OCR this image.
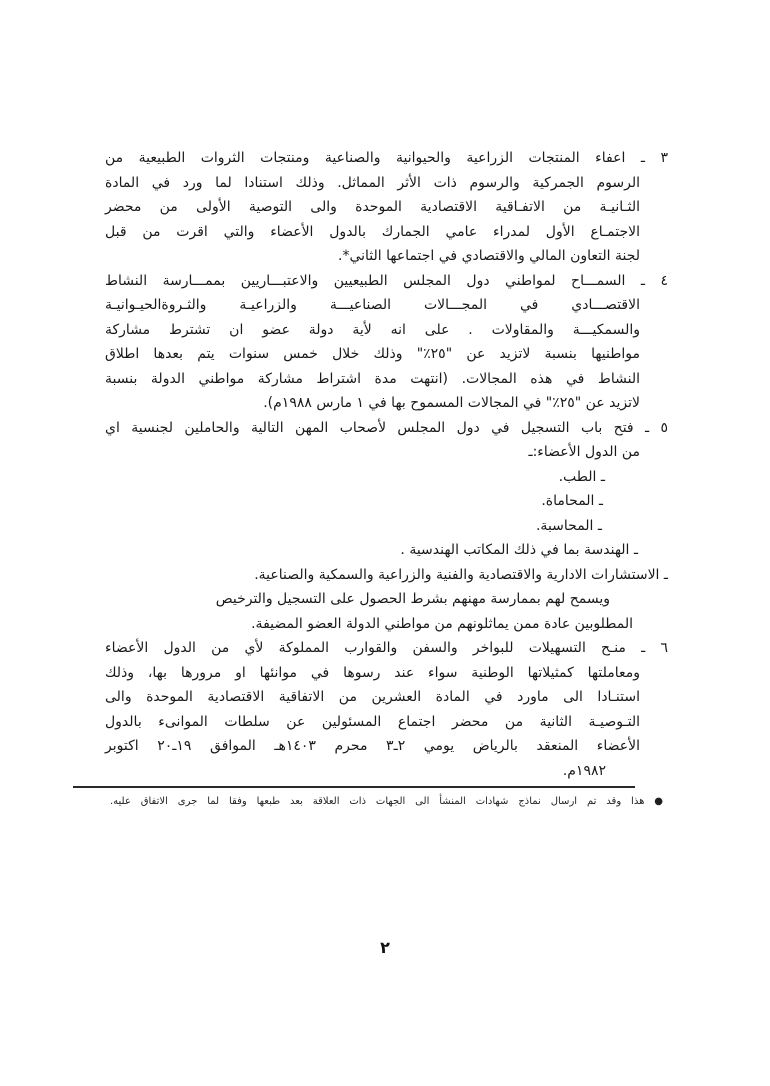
٣ ـ اعفاء المنتجات الزراعية والحيوانية والصناعية ومنتجات الثروات الطبيعية من
الرسوم الجمركية والرسوم ذات الأثر المماثل. وذلك استنادا لما ورد في المادة
الثـانيـة من الاتفـاقية الاقتصادية الموحدة والى التوصية الأولى من محضر
الاجتمـاع الأول لمدراء عامي الجمارك بالدول الأعضاء والتي اقرت من قبل
لجنة التعاون المالي والاقتصادي في اجتماعها الثاني*.
٤ ـ السمـــاح لمواطني دول المجلس الطبيعيين والاعتبـــاريين بممـــارسة النشاط
الاقتصـــادي في المجـــالات الصناعيـــة والزراعيـة والثـروةالحيـوانيـة
والسمكيـــة والمقاولات . على انه لأية دولة عضو ان تشترط مشاركة
مواطنيها بنسبة لاتزيد عن "٢٥٪" وذلك خلال خمس سنوات يتم بعدها اطلاق
النشاط في هذه المجالات. (انتهت مدة اشتراط مشاركة مواطني الدولة بنسبة
لاتزيد عن "٢٥٪" في المجالات المسموح بها في ١ مارس ١٩٨٨م).
٥ ـ فتح باب التسجيل في دول المجلس لأصحاب المهن التالية والحاملين لجنسية اي
من الدول الأعضاء:ـ
ـ الطب.
ـ المحاماة.
ـ المحاسبة.
ـ الهندسة بما في ذلك المكاتب الهندسية .
ـ الاستشارات الادارية والاقتصادية والفنية والزراعية والسمكية والصناعية.
ويسمح لهم بممارسة مهنهم بشرط الحصول على التسجيل والترخيص
المطلوبين عادة ممن يماثلونهم من مواطني الدولة العضو المضيفة.
٦ ـ منـح التسهيلات للبواخر والسفن والقوارب المملوكة لأي من الدول الأعضاء
ومعاملتها كمثيلاتها الوطنية سواء عند رسوها في موانئها او مرورها بها، وذلك
استنـادا الى ماورد في المادة العشرين من الاتفاقية الاقتصادية الموحدة والى
التـوصيـة الثانية من محضر اجتماع المسئولين عن سلطات الموانىء بالدول
الأعضاء المنعقد بالرياض يومي ٢ـ٣ محرم ١٤٠٣هـ الموافق ١٩ـ٢٠ اكتوبر
١٩٨٢م.
● هذا وقد تم ارسال نماذج شهادات المنشأ الى الجهات ذات العلاقة بعد طبعها وفقا لما جرى الاتفاق عليه.
٢
